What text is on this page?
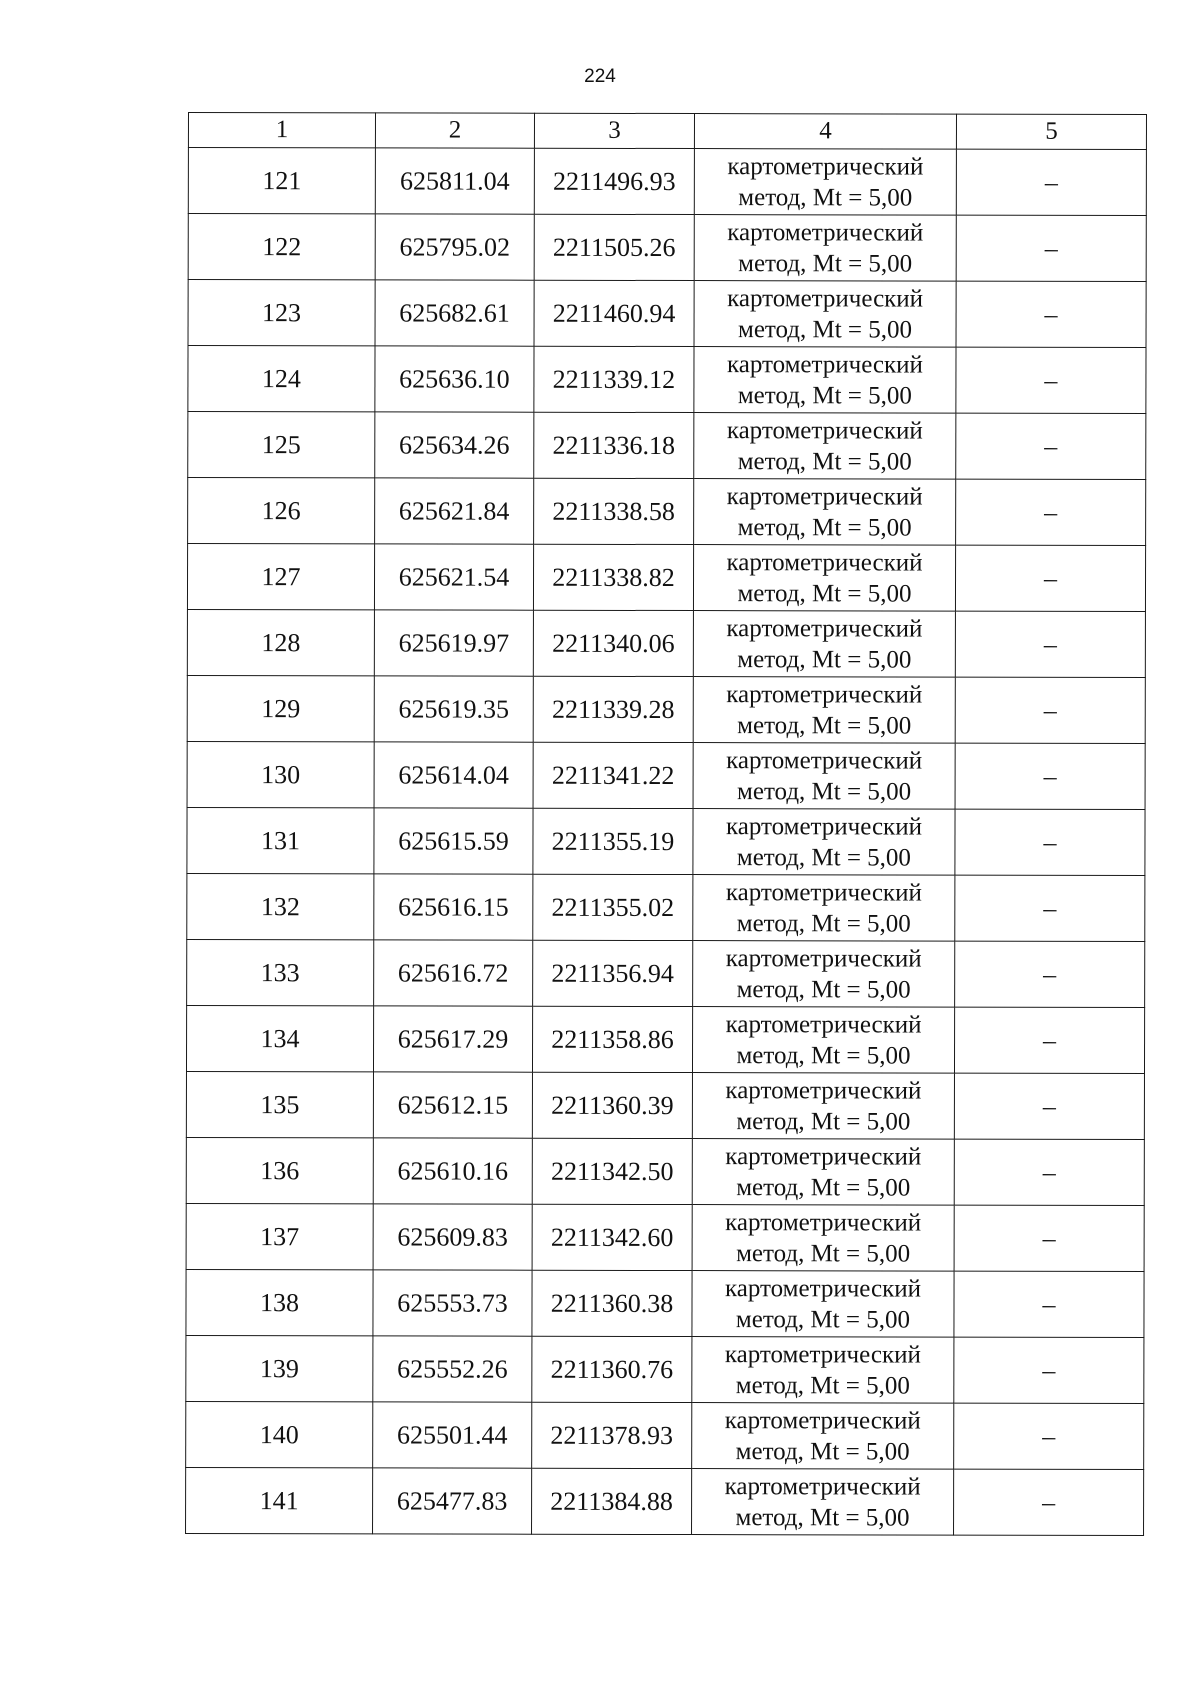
224
1	2	3	4	5
121	625811.04	2211496.93	картометрический
метод, Mt = 5,00	–
122	625795.02	2211505.26	картометрический
метод, Mt = 5,00	–
123	625682.61	2211460.94	картометрический
метод, Mt = 5,00	–
124	625636.10	2211339.12	картометрический
метод, Mt = 5,00	–
125	625634.26	2211336.18	картометрический
метод, Mt = 5,00	–
126	625621.84	2211338.58	картометрический
метод, Mt = 5,00	–
127	625621.54	2211338.82	картометрический
метод, Mt = 5,00	–
128	625619.97	2211340.06	картометрический
метод, Mt = 5,00	–
129	625619.35	2211339.28	картометрический
метод, Mt = 5,00	–
130	625614.04	2211341.22	картометрический
метод, Mt = 5,00	–
131	625615.59	2211355.19	картометрический
метод, Mt = 5,00	–
132	625616.15	2211355.02	картометрический
метод, Mt = 5,00	–
133	625616.72	2211356.94	картометрический
метод, Mt = 5,00	–
134	625617.29	2211358.86	картометрический
метод, Mt = 5,00	–
135	625612.15	2211360.39	картометрический
метод, Mt = 5,00	–
136	625610.16	2211342.50	картометрический
метод, Mt = 5,00	–
137	625609.83	2211342.60	картометрический
метод, Mt = 5,00	–
138	625553.73	2211360.38	картометрический
метод, Mt = 5,00	–
139	625552.26	2211360.76	картометрический
метод, Mt = 5,00	–
140	625501.44	2211378.93	картометрический
метод, Mt = 5,00	–
141	625477.83	2211384.88	картометрический
метод, Mt = 5,00	–
